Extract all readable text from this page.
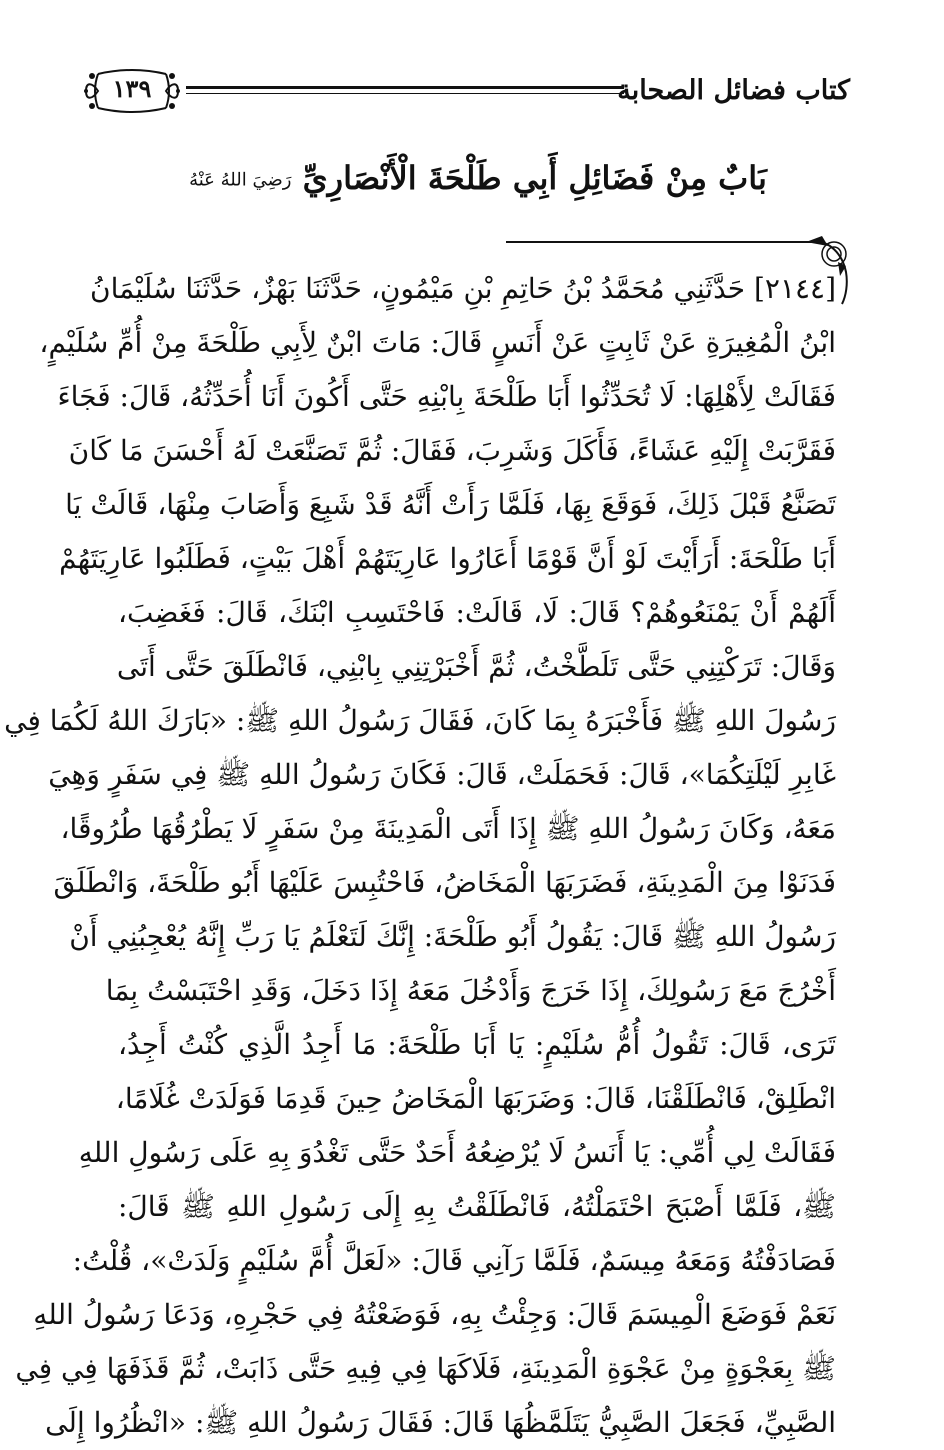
كتاب فضائل الصحابة
١٣٩
بَابٌ مِنْ فَضَائِلِ أَبِي طَلْحَةَ الْأَنْصَارِيِّ رَضِيَ اللهُ عَنْهُ
[٢١٤٤] حَدَّثَنِي مُحَمَّدُ بْنُ حَاتِمِ بْنِ مَيْمُونٍ، حَدَّثَنَا بَهْزٌ، حَدَّثَنَا سُلَيْمَانُ
ابْنُ الْمُغِيرَةِ عَنْ ثَابِتٍ عَنْ أَنَسٍ قَالَ: مَاتَ ابْنٌ لِأَبِي طَلْحَةَ مِنْ أُمِّ سُلَيْمٍ،
فَقَالَتْ لِأَهْلِهَا: لَا تُحَدِّثُوا أَبَا طَلْحَةَ بِابْنِهِ حَتَّى أَكُونَ أَنَا أُحَدِّثُهُ، قَالَ: فَجَاءَ
فَقَرَّبَتْ إِلَيْهِ عَشَاءً، فَأَكَلَ وَشَرِبَ، فَقَالَ: ثُمَّ تَصَنَّعَتْ لَهُ أَحْسَنَ مَا كَانَ
تَصَنَّعُ قَبْلَ ذَلِكَ، فَوَقَعَ بِهَا، فَلَمَّا رَأَتْ أَنَّهُ قَدْ شَبِعَ وَأَصَابَ مِنْهَا، قَالَتْ يَا
أَبَا طَلْحَةَ: أَرَأَيْتَ لَوْ أَنَّ قَوْمًا أَعَارُوا عَارِيَتَهُمْ أَهْلَ بَيْتٍ، فَطَلَبُوا عَارِيَتَهُمْ
أَلَهُمْ أَنْ يَمْنَعُوهُمْ؟ قَالَ: لَا، قَالَتْ: فَاحْتَسِبِ ابْنَكَ، قَالَ: فَغَضِبَ،
وَقَالَ: تَرَكْتِنِي حَتَّى تَلَطَّخْتُ، ثُمَّ أَخْبَرْتِنِي بِابْنِي، فَانْطَلَقَ حَتَّى أَتَى
رَسُولَ اللهِ ﷺ فَأَخْبَرَهُ بِمَا كَانَ، فَقَالَ رَسُولُ اللهِ ﷺ: «بَارَكَ اللهُ لَكُمَا فِي
غَابِرِ لَيْلَتِكُمَا»، قَالَ: فَحَمَلَتْ، قَالَ: فَكَانَ رَسُولُ اللهِ ﷺ فِي سَفَرٍ وَهِيَ
مَعَهُ، وَكَانَ رَسُولُ اللهِ ﷺ إِذَا أَتَى الْمَدِينَةَ مِنْ سَفَرٍ لَا يَطْرُقُهَا طُرُوقًا،
فَدَنَوْا مِنَ الْمَدِينَةِ، فَضَرَبَهَا الْمَخَاضُ، فَاحْتُبِسَ عَلَيْهَا أَبُو طَلْحَةَ، وَانْطَلَقَ
رَسُولُ اللهِ ﷺ قَالَ: يَقُولُ أَبُو طَلْحَةَ: إِنَّكَ لَتَعْلَمُ يَا رَبِّ إِنَّهُ يُعْجِبُنِي أَنْ
أَخْرُجَ مَعَ رَسُولِكَ، إِذَا خَرَجَ وَأَدْخُلَ مَعَهُ إِذَا دَخَلَ، وَقَدِ احْتَبَسْتُ بِمَا
تَرَى، قَالَ: تَقُولُ أُمُّ سُلَيْمٍ: يَا أَبَا طَلْحَةَ: مَا أَجِدُ الَّذِي كُنْتُ أَجِدُ،
انْطَلِقْ، فَانْطَلَقْنَا، قَالَ: وَضَرَبَهَا الْمَخَاضُ حِينَ قَدِمَا فَوَلَدَتْ غُلَامًا،
فَقَالَتْ لِي أُمِّي: يَا أَنَسُ لَا يُرْضِعُهُ أَحَدٌ حَتَّى تَغْدُوَ بِهِ عَلَى رَسُولِ اللهِ
ﷺ، فَلَمَّا أَصْبَحَ احْتَمَلْتُهُ، فَانْطَلَقْتُ بِهِ إِلَى رَسُولِ اللهِ ﷺ قَالَ:
فَصَادَفْتُهُ وَمَعَهُ مِيسَمٌ، فَلَمَّا رَآنِي قَالَ: «لَعَلَّ أُمَّ سُلَيْمٍ وَلَدَتْ»، قُلْتُ:
نَعَمْ فَوَضَعَ الْمِيسَمَ قَالَ: وَجِئْتُ بِهِ، فَوَضَعْتُهُ فِي حَجْرِهِ، وَدَعَا رَسُولُ اللهِ
ﷺ بِعَجْوَةٍ مِنْ عَجْوَةِ الْمَدِينَةِ، فَلَاكَهَا فِي فِيهِ حَتَّى ذَابَتْ، ثُمَّ قَذَفَهَا فِي فِي
الصَّبِيِّ، فَجَعَلَ الصَّبِيُّ يَتَلَمَّظُهَا قَالَ: فَقَالَ رَسُولُ اللهِ ﷺ: «انْظُرُوا إِلَى
